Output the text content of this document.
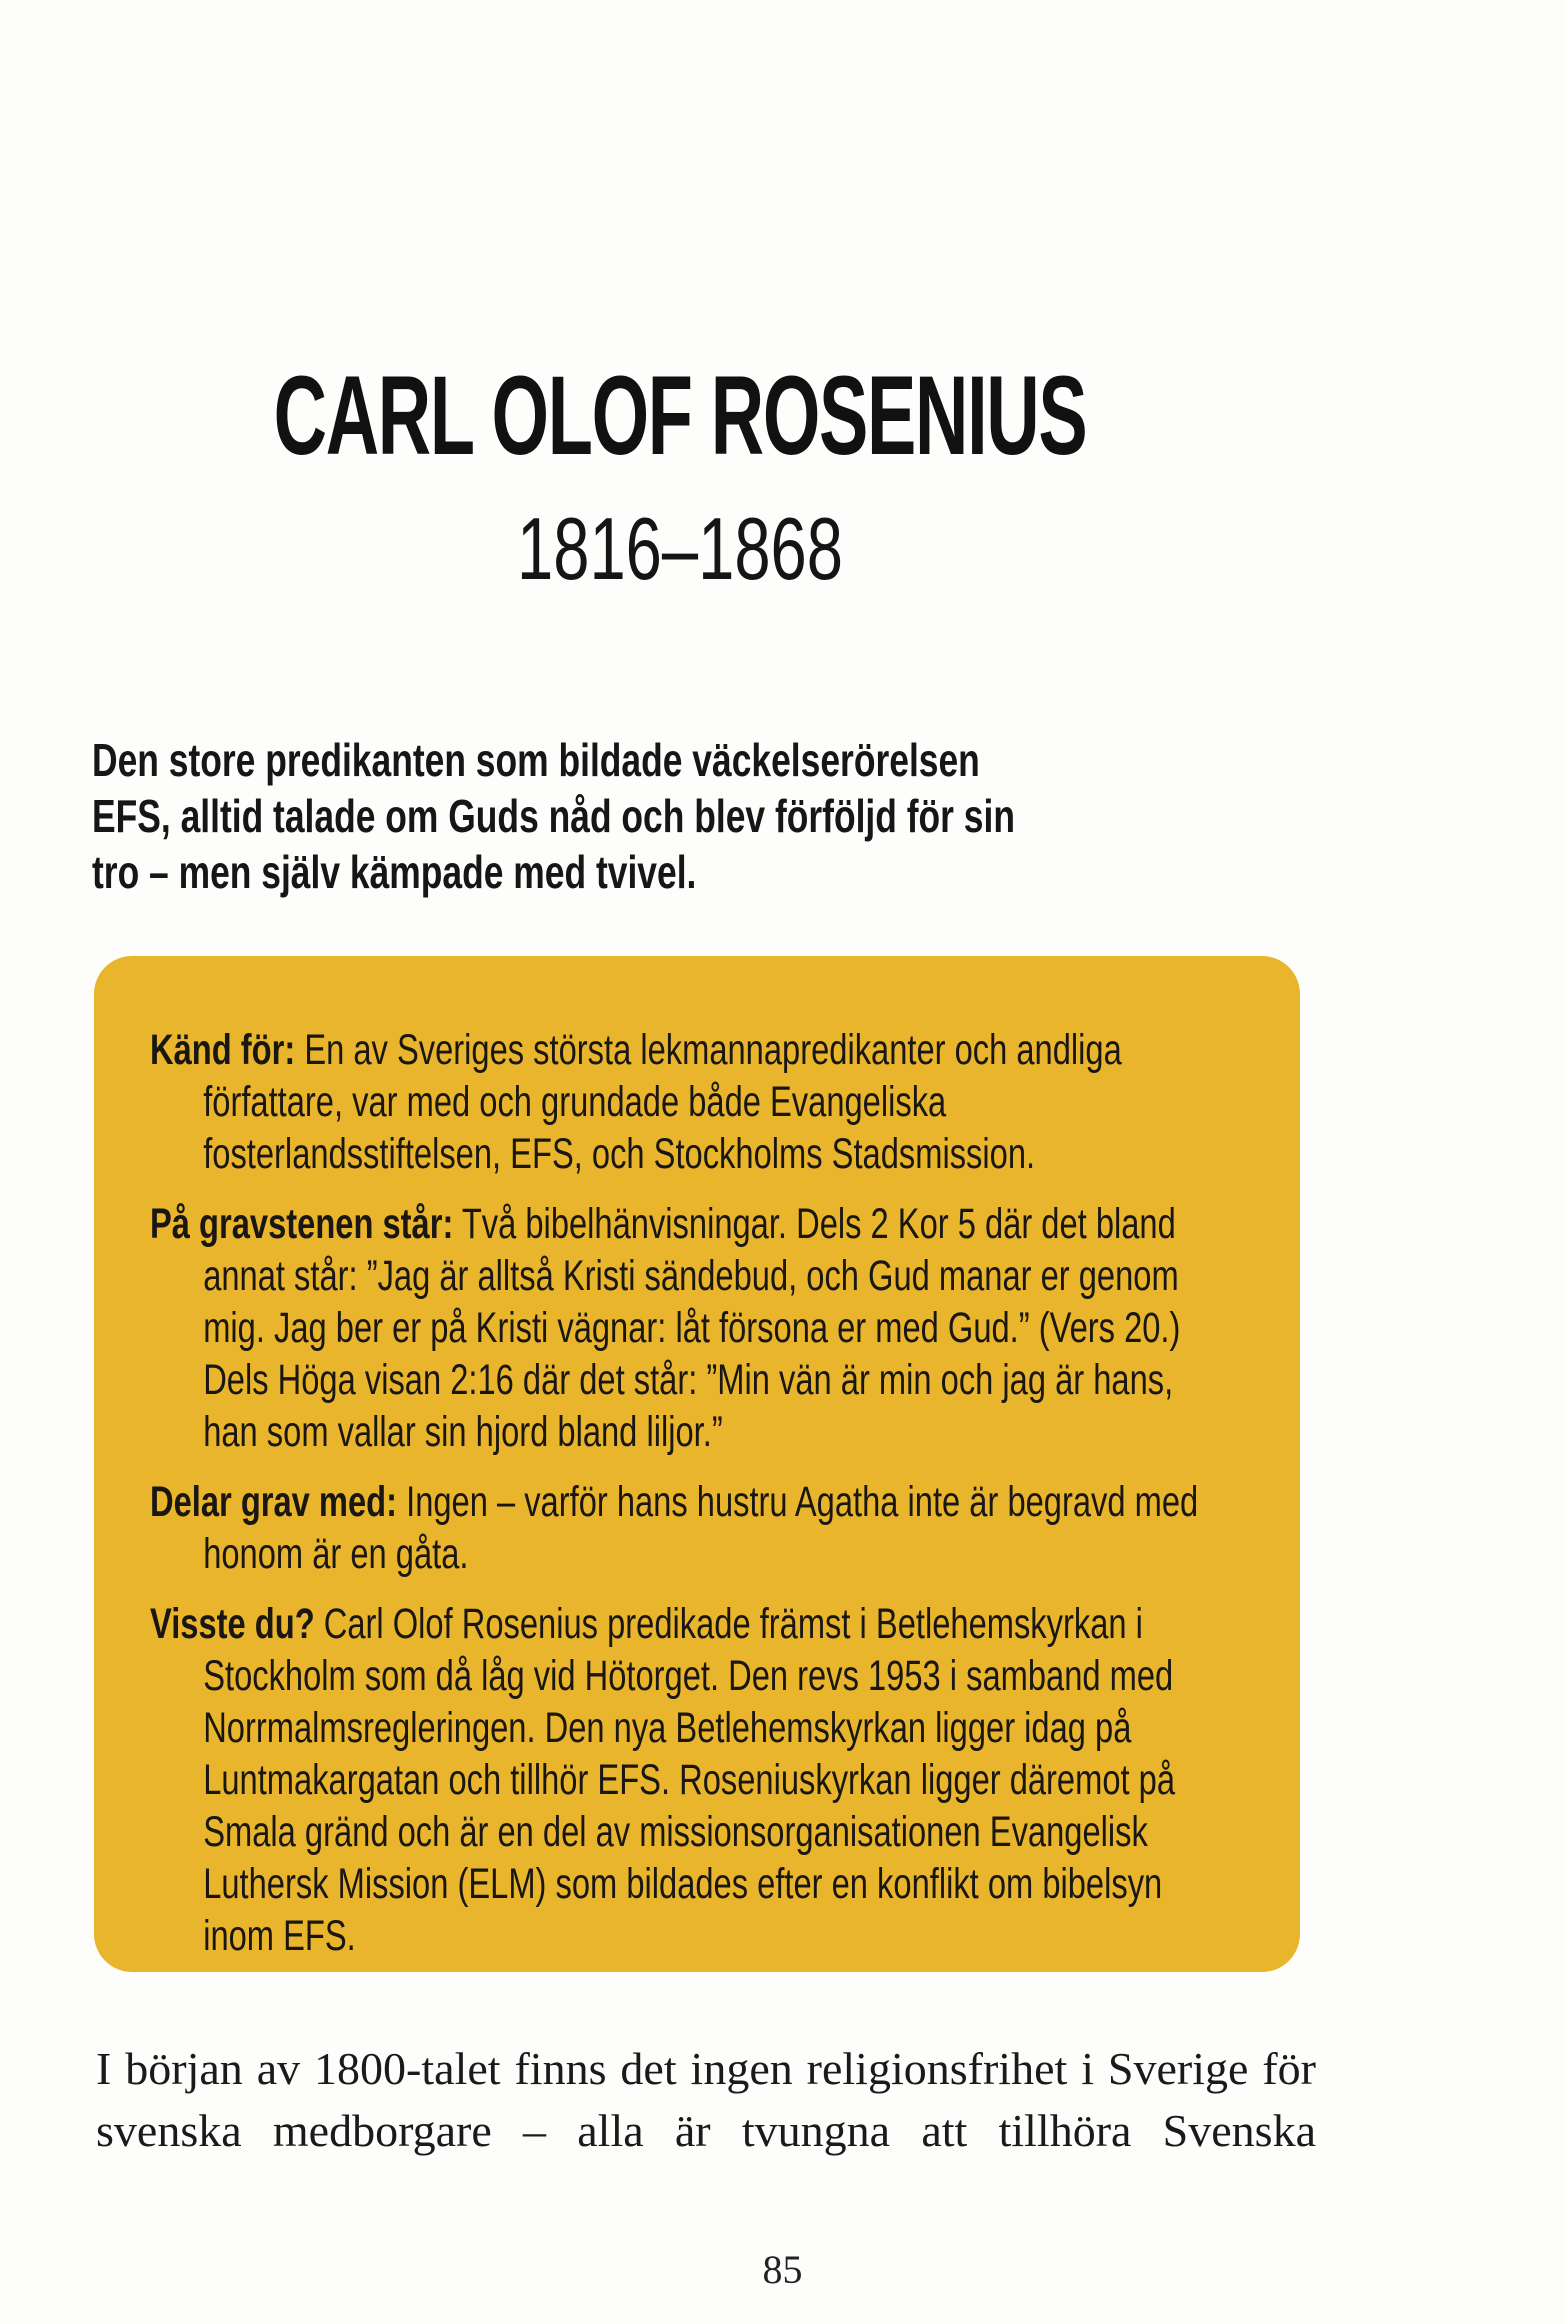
CARL OLOF ROSENIUS
1816–1868

Den store predikanten som bildade väckelserörelsen EFS, alltid talade om Guds nåd och blev förföljd för sin tro – men själv kämpade med tvivel.

Känd för: En av Sveriges största lekmannapredikanter och andliga författare, var med och grundade både Evangeliska fosterlandsstiftelsen, EFS, och Stockholms Stadsmission.

På gravstenen står: Två bibelhänvisningar. Dels 2 Kor 5 där det bland annat står: ”Jag är alltså Kristi sändebud, och Gud manar er genom mig. Jag ber er på Kristi vägnar: låt försona er med Gud.” (Vers 20.) Dels Höga visan 2:16 där det står: ”Min vän är min och jag är hans, han som vallar sin hjord bland liljor.”

Delar grav med: Ingen – varför hans hustru Agatha inte är begravd med honom är en gåta.

Visste du? Carl Olof Rosenius predikade främst i Betlehemskyrkan i Stockholm som då låg vid Hötorget. Den revs 1953 i samband med Norrmalmsregleringen. Den nya Betlehemskyrkan ligger idag på Luntmakargatan och tillhör EFS. Roseniuskyrkan ligger däremot på Smala gränd och är en del av missionsorganisationen Evangelisk Luthersk Mission (ELM) som bildades efter en konflikt om bibelsyn inom EFS.

I början av 1800-talet finns det ingen religionsfrihet i Sverige för svenska medborgare – alla är tvungna att tillhöra Svenska

85
